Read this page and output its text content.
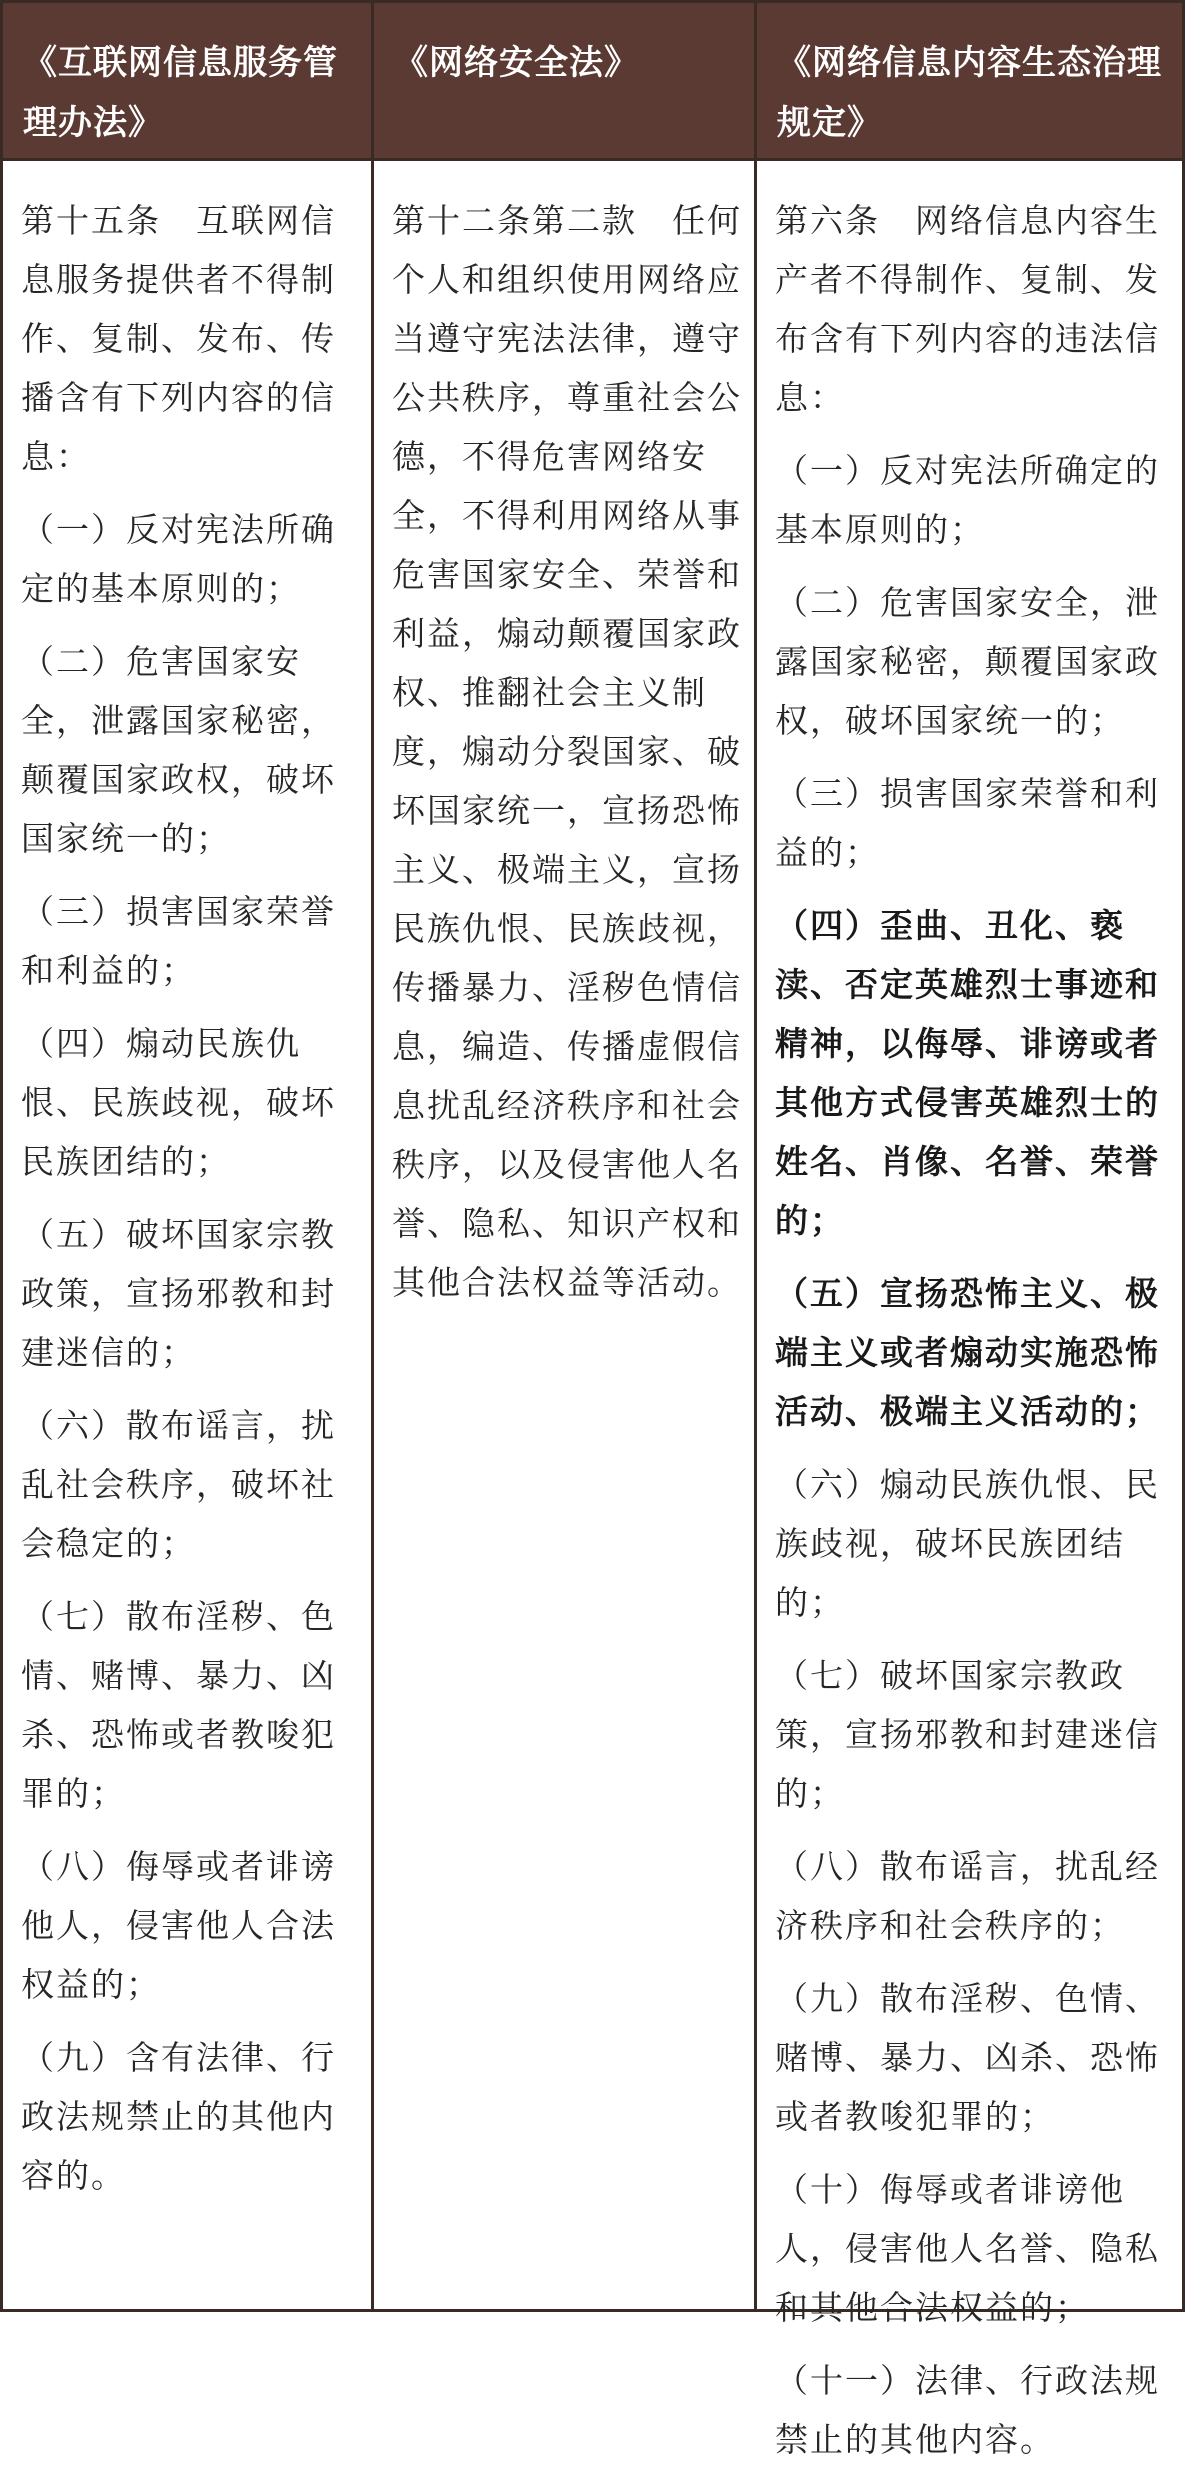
《互联网信息服务管理办法》
《网络安全法》	《网络信息内容生态治理规定》

第十五条　互联网信息服务提供者不得制作、复制、发布、传播含有下列内容的信息：

（一）反对宪法所确定的基本原则的；

（二）危害国家安全，泄露国家秘密，颠覆国家政权，破坏国家统一的；

（三）损害国家荣誉和利益的；

（四）煽动民族仇恨、民族歧视，破坏民族团结的；

（五）破坏国家宗教政策，宣扬邪教和封建迷信的；

（六）散布谣言，扰乱社会秩序，破坏社会稳定的；

（七）散布淫秽、色情、赌博、暴力、凶杀、恐怖或者教唆犯罪的；

（八）侮辱或者诽谤他人，侵害他人合法权益的；

（九）含有法律、行政法规禁止的其他内容的。

第十二条第二款　任何个人和组织使用网络应当遵守宪法法律，遵守公共秩序，尊重社会公德，不得危害网络安全，不得利用网络从事危害国家安全、荣誉和利益，煽动颠覆国家政权、推翻社会主义制度，煽动分裂国家、破坏国家统一，宣扬恐怖主义、极端主义，宣扬民族仇恨、民族歧视，传播暴力、淫秽色情信息，编造、传播虚假信息扰乱经济秩序和社会秩序，以及侵害他人名誉、隐私、知识产权和其他合法权益等活动。

第六条　网络信息内容生产者不得制作、复制、发布含有下列内容的违法信息：

（一）反对宪法所确定的基本原则的；

（二）危害国家安全，泄露国家秘密，颠覆国家政权，破坏国家统一的；

（三）损害国家荣誉和利益的；

（四）歪曲、丑化、亵渎、否定英雄烈士事迹和精神，以侮辱、诽谤或者其他方式侵害英雄烈士的姓名、肖像、名誉、荣誉的；

（五）宣扬恐怖主义、极端主义或者煽动实施恐怖活动、极端主义活动的；

（六）煽动民族仇恨、民族歧视，破坏民族团结的；

（七）破坏国家宗教政策，宣扬邪教和封建迷信的；

（八）散布谣言，扰乱经济秩序和社会秩序的；

（九）散布淫秽、色情、赌博、暴力、凶杀、恐怖或者教唆犯罪的；

（十）侮辱或者诽谤他人，侵害他人名誉、隐私和其他合法权益的；

（十一）法律、行政法规禁止的其他内容。
